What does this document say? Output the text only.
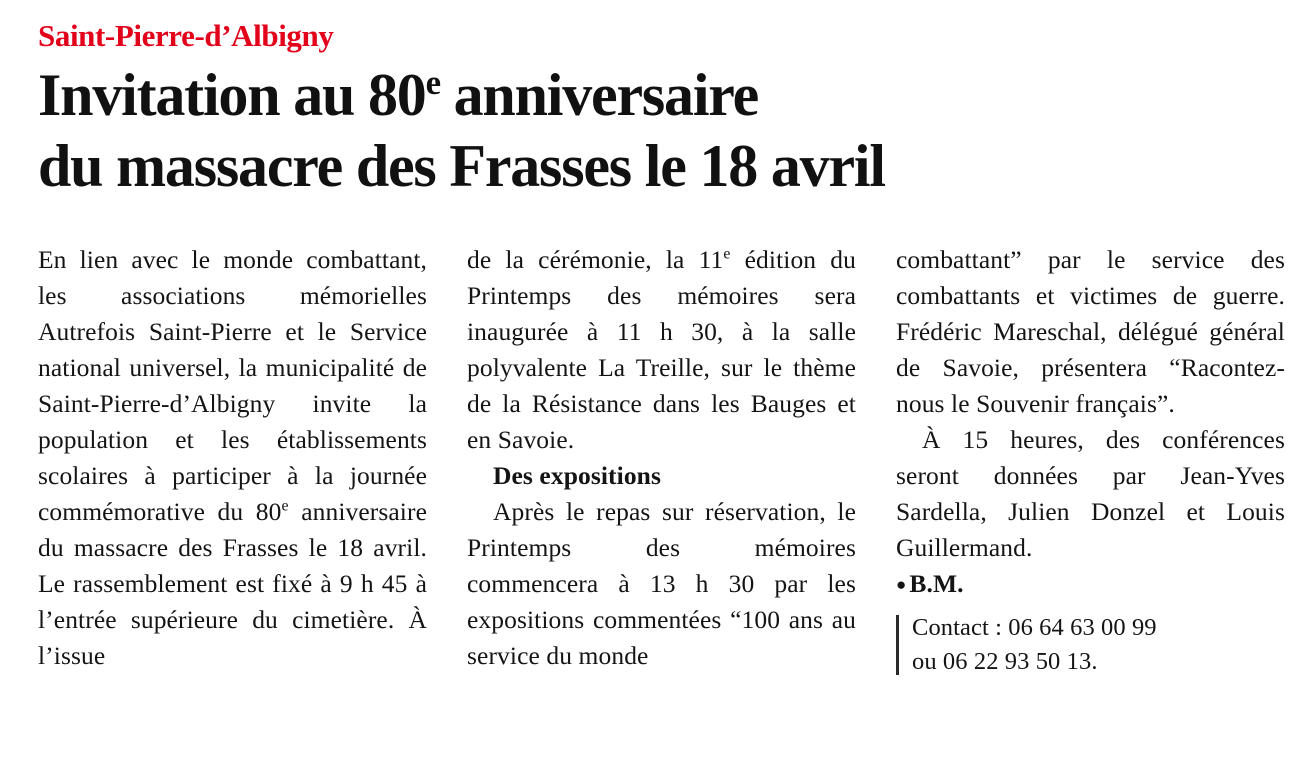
Saint-Pierre-d’Albigny
Invitation au 80e anniversaire
du massacre des Frasses le 18 avril

En lien avec le monde combattant, les associations mémorielles Autrefois Saint-Pierre et le Service national universel, la municipalité de Saint-Pierre-d’Albigny invite la population et les établissements scolaires à participer à la journée commémorative du 80e anniversaire du massacre des Frasses le 18 avril. Le rassemblement est fixé à 9 h 45 à l’entrée supérieure du cimetière. À l’issue

de la cérémonie, la 11e édition du Printemps des mémoires sera inaugurée à 11 h 30, à la salle polyvalente La Treille, sur le thème de la Résistance dans les Bauges et en Savoie.

Des expositions

Après le repas sur réservation, le Printemps des mémoires commencera à 13 h 30 par les expositions commentées “100 ans au service du monde

combattant” par le service des combattants et victimes de guerre. Frédéric Mareschal, délégué général de Savoie, présentera “Racontez-nous le Souvenir français”.

À 15 heures, des conférences seront données par Jean-Yves Sardella, Julien Donzel et Louis Guillermand.

● B.M.

Contact : 06 64 63 00 99

ou 06 22 93 50 13.
